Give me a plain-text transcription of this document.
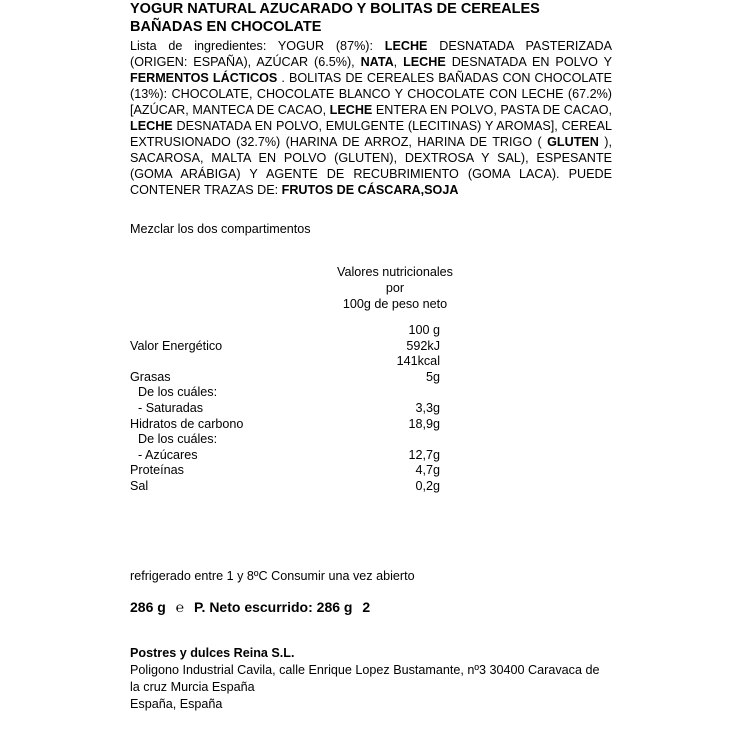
YOGUR NATURAL AZUCARADO Y BOLITAS DE CEREALES
BAÑADAS EN CHOCOLATE
Lista de ingredientes: YOGUR (87%): LECHE DESNATADA PASTERIZADA (ORIGEN: ESPAÑA), AZÚCAR (6.5%), NATA, LECHE DESNATADA EN POLVO Y FERMENTOS LÁCTICOS . BOLITAS DE CEREALES BAÑADAS CON CHOCOLATE (13%): CHOCOLATE, CHOCOLATE BLANCO Y CHOCOLATE CON LECHE (67.2%) [AZÚCAR, MANTECA DE CACAO, LECHE ENTERA EN POLVO, PASTA DE CACAO, LECHE DESNATADA EN POLVO, EMULGENTE (LECITINAS) Y AROMAS], CEREAL EXTRUSIONADO (32.7%) (HARINA DE ARROZ, HARINA DE TRIGO ( GLUTEN ), SACAROSA, MALTA EN POLVO (GLUTEN), DEXTROSA Y SAL), ESPESANTE (GOMA ARÁBIGA) Y AGENTE DE RECUBRIMIENTO (GOMA LACA). PUEDE CONTENER TRAZAS DE: FRUTOS DE CÁSCARA,SOJA
Mezclar los dos compartimentos
Valores nutricionales por
100g de peso neto
100 g
Valor Energético	592kJ
141kcal
Grasas	5g
De los cuáles:
- Saturadas	3,3g
Hidratos de carbono	18,9g
De los cuáles:
- Azúcares	12,7g
Proteínas	4,7g
Sal	0,2g
refrigerado entre 1 y 8ºC Consumir una vez abierto
286 g ℮ P. Neto escurrido: 286 g 2
Postres y dulces Reina S.L.
Poligono Industrial Cavila, calle Enrique Lopez Bustamante, nº3 30400 Caravaca de la cruz Murcia España
España, España
